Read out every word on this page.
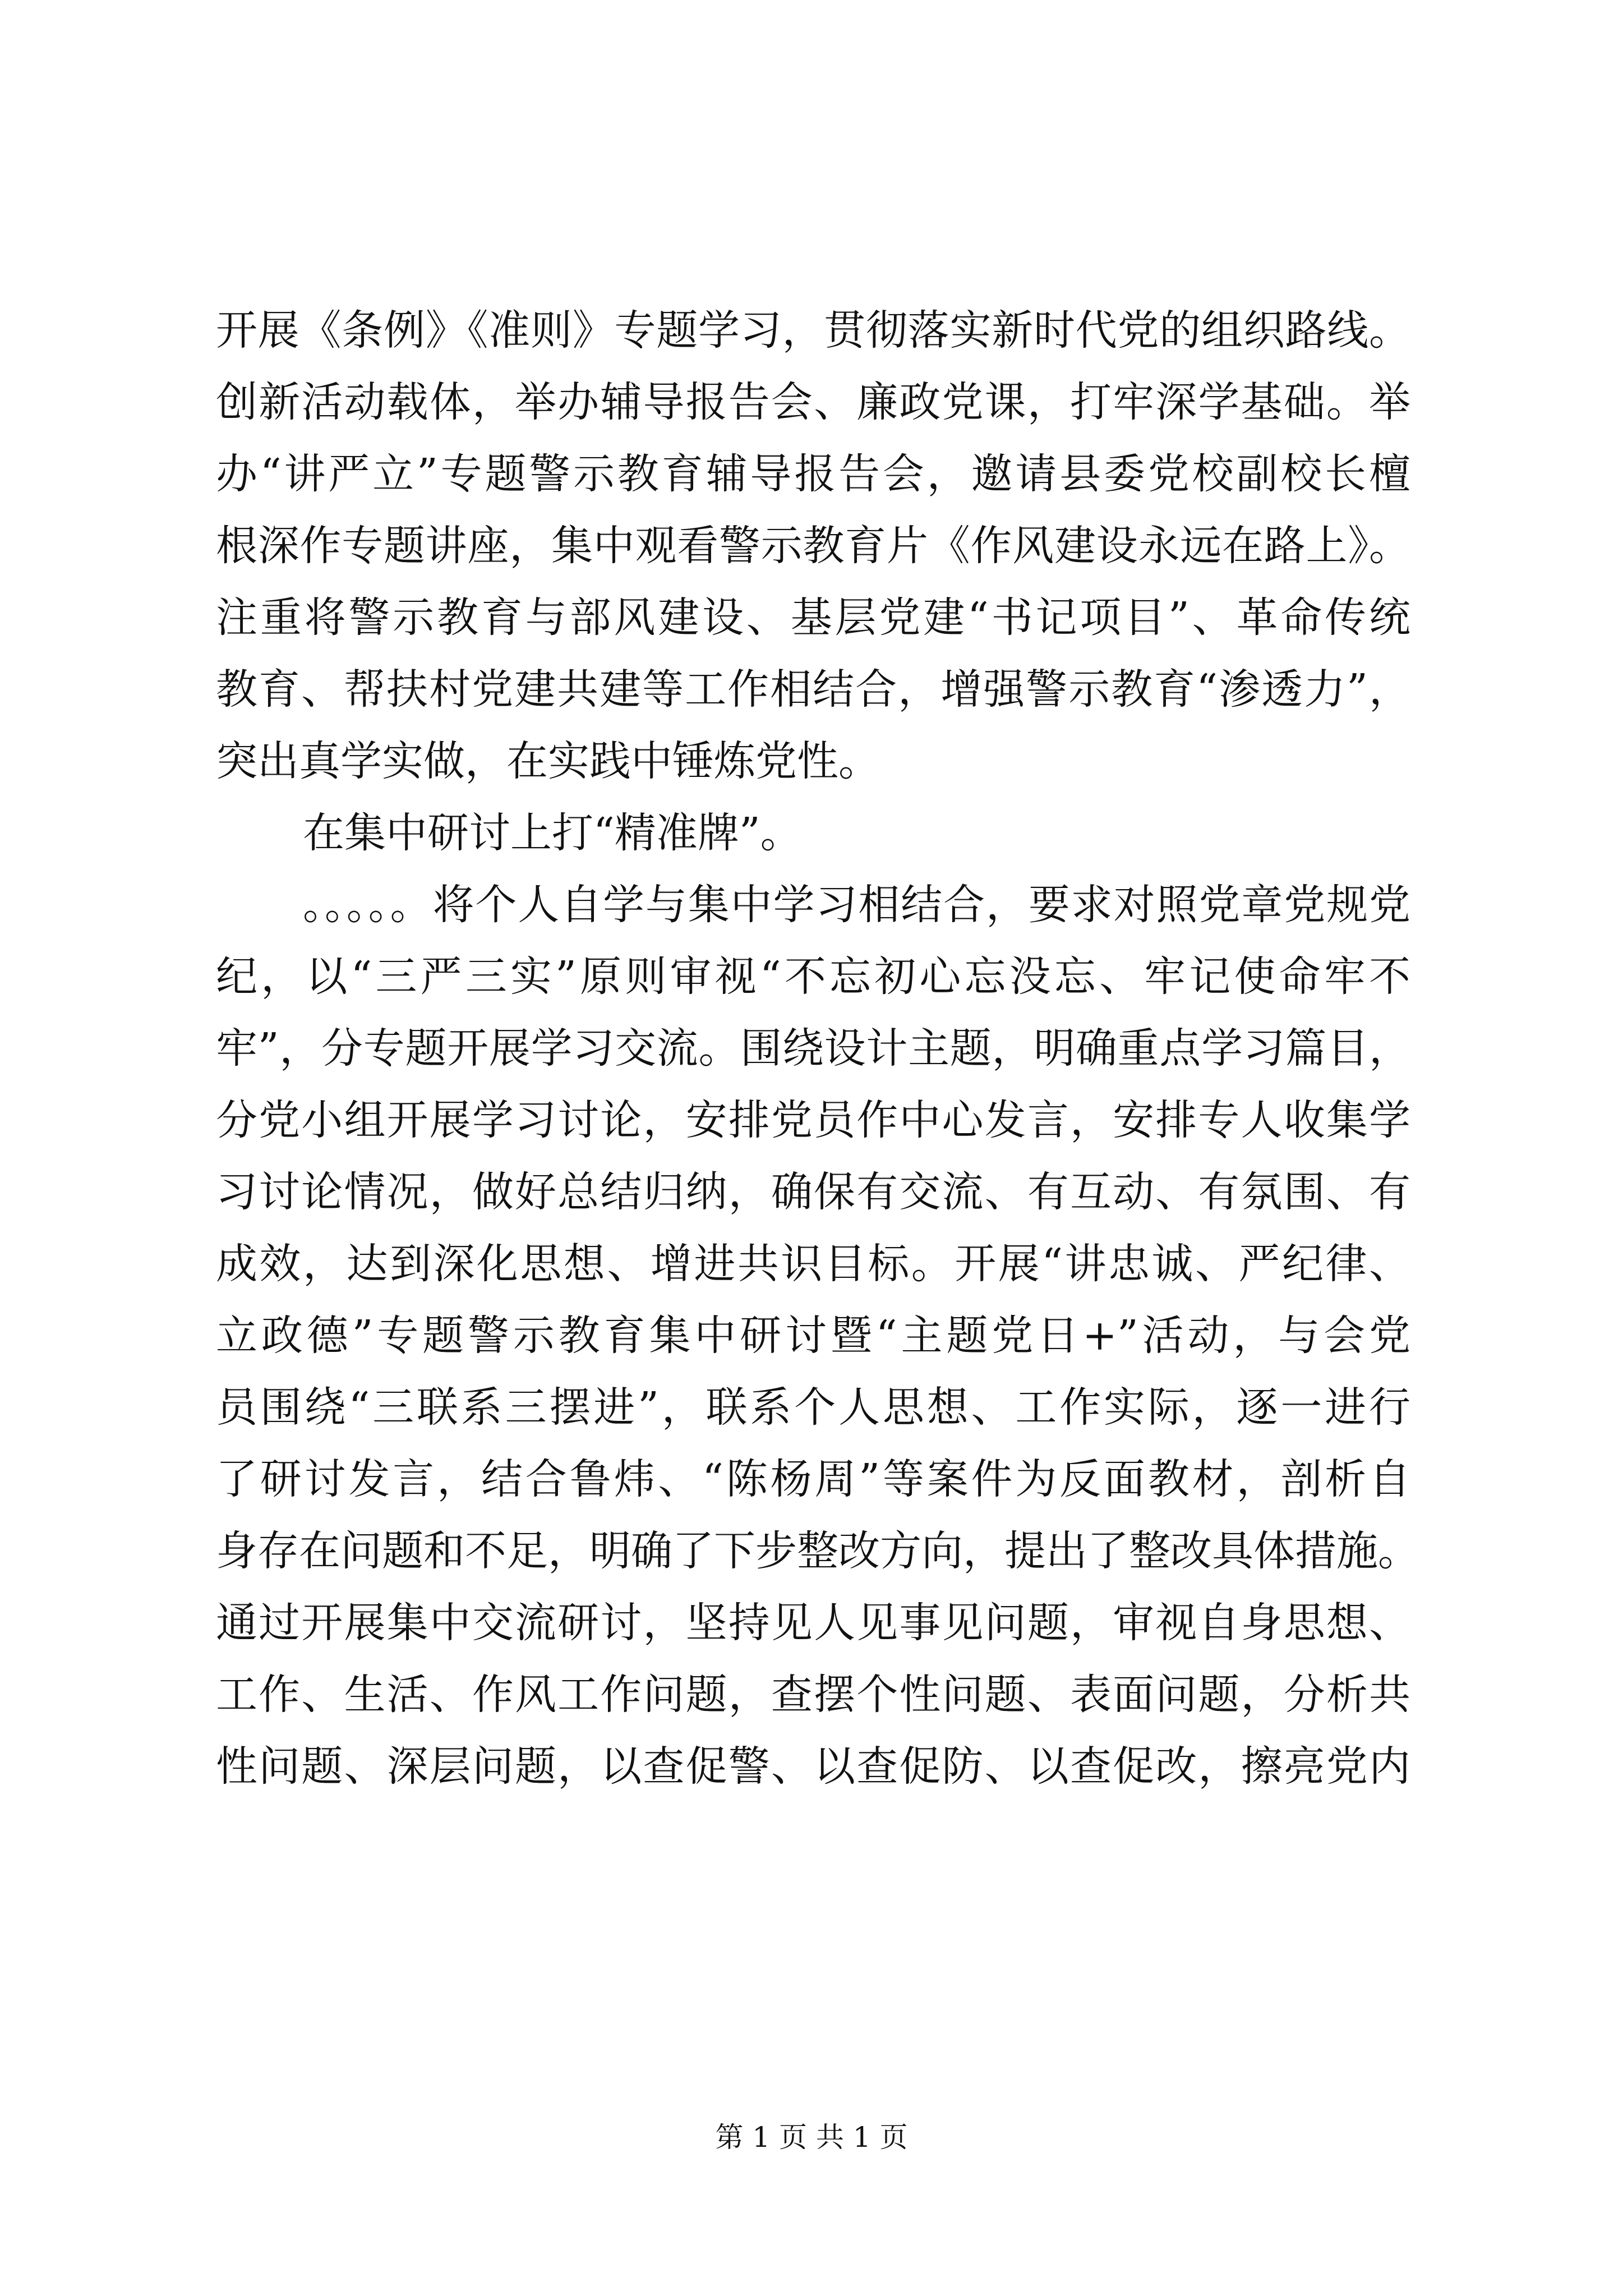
开展《条例》《准则》专题学习，贯彻落实新时代党的组织路线。
创新活动载体，举办辅导报告会、廉政党课，打牢深学基础。举
办“讲严立”专题警示教育辅导报告会，邀请县委党校副校长檀
根深作专题讲座，集中观看警示教育片《作风建设永远在路上》。
注重将警示教育与部风建设、基层党建“书记项目”、革命传统
教育、帮扶村党建共建等工作相结合，增强警示教育“渗透力”，
突出真学实做，在实践中锤炼党性。
在集中研讨上打“精准牌”。
。。。。。将个人自学与集中学习相结合，要求对照党章党规党
纪，以“三严三实”原则审视“不忘初心忘没忘、牢记使命牢不
牢”，分专题开展学习交流。围绕设计主题，明确重点学习篇目，
分党小组开展学习讨论，安排党员作中心发言，安排专人收集学
习讨论情况，做好总结归纳，确保有交流、有互动、有氛围、有
成效，达到深化思想、增进共识目标。开展“讲忠诚、严纪律、
立政德”专题警示教育集中研讨暨“主题党日+”活动，与会党
员围绕“三联系三摆进”，联系个人思想、工作实际，逐一进行
了研讨发言，结合鲁炜、“陈杨周”等案件为反面教材，剖析自
身存在问题和不足，明确了下步整改方向，提出了整改具体措施。
通过开展集中交流研讨，坚持见人见事见问题，审视自身思想、
工作、生活、作风工作问题，查摆个性问题、表面问题，分析共
性问题、深层问题，以查促警、以查促防、以查促改，擦亮党内
第 1 页 共 1 页
